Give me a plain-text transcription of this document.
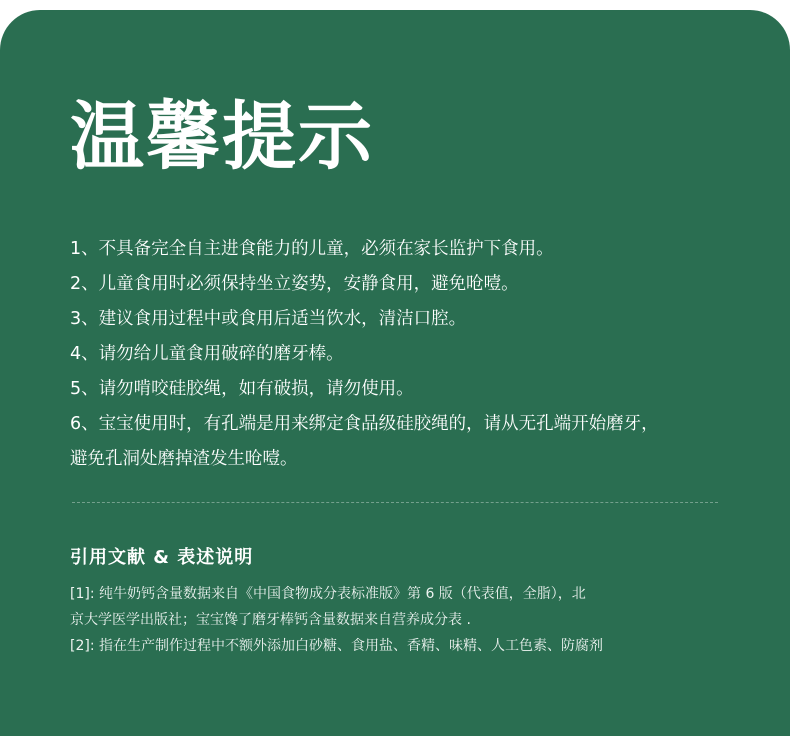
温馨提示
1、不具备完全自主进食能力的儿童，必须在家长监护下食用。
2、儿童食用时必须保持坐立姿势，安静食用，避免呛噎。
3、建议食用过程中或食用后适当饮水，清洁口腔。
4、请勿给儿童食用破碎的磨牙棒。
5、请勿啃咬硅胶绳，如有破损，请勿使用。
6、宝宝使用时，有孔端是用来绑定食品级硅胶绳的，请从无孔端开始磨牙，
避免孔洞处磨掉渣发生呛噎。
引用文献 & 表述说明
[1]: 纯牛奶钙含量数据来自《中国食物成分表标准版》第 6 版（代表值，全脂），北
京大学医学出版社；宝宝馋了磨牙棒钙含量数据来自营养成分表 .
[2]: 指在生产制作过程中不额外添加白砂糖、食用盐、香精、味精、人工色素、防腐剂
